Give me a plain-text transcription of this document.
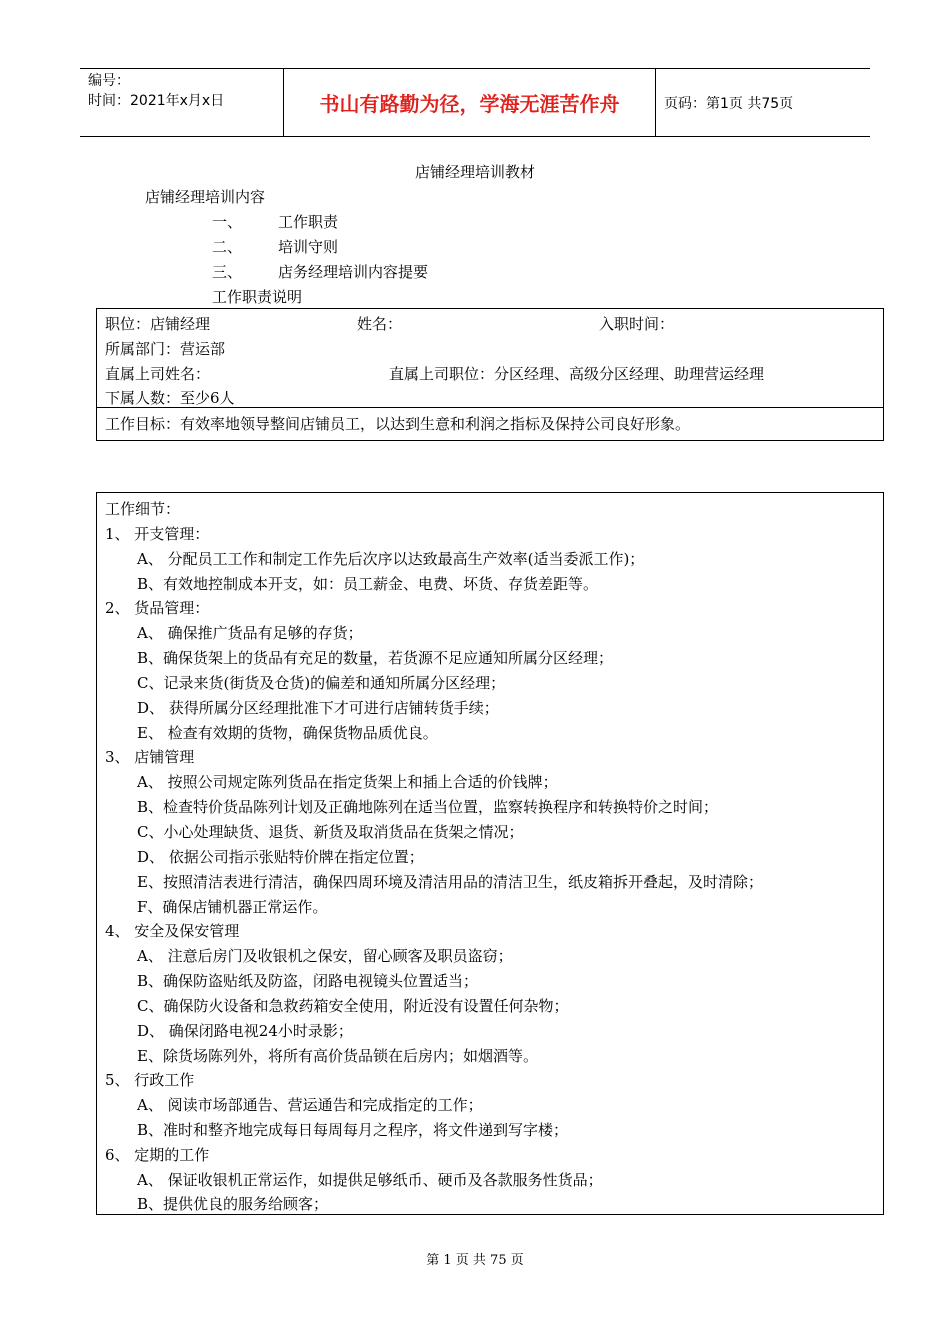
编号：
时间：2021年x月x日	书山有路勤为径，学海无涯苦作舟	页码：第1页 共75页
店铺经理培训教材
店铺经理培训内容
一、 工作职责
二、 培训守则
三、 店务经理培训内容提要
工作职责说明
职位：店铺经理	姓名：	入职时间：
所属部门：营运部
直属上司姓名：	直属上司职位：分区经理、高级分区经理、助理营运经理
下属人数：至少6人
工作目标：有效率地领导整间店铺员工，以达到生意和利润之指标及保持公司良好形象。
工作细节：
1、 开支管理：
A、 分配员工工作和制定工作先后次序以达致最高生产效率(适当委派工作)；
B、有效地控制成本开支，如：员工薪金、电费、坏货、存货差距等。
2、 货品管理：
A、 确保推广货品有足够的存货；
B、确保货架上的货品有充足的数量，若货源不足应通知所属分区经理；
C、记录来货(街货及仓货)的偏差和通知所属分区经理；
D、 获得所属分区经理批准下才可进行店铺转货手续；
E、 检查有效期的货物，确保货物品质优良。
3、 店铺管理
A、 按照公司规定陈列货品在指定货架上和插上合适的价钱牌；
B、检查特价货品陈列计划及正确地陈列在适当位置，监察转换程序和转换特价之时间；
C、小心处理缺货、退货、新货及取消货品在货架之情况；
D、 依据公司指示张贴特价牌在指定位置；
E、按照清洁表进行清洁，确保四周环境及清洁用品的清洁卫生，纸皮箱拆开叠起，及时清除；
F、确保店铺机器正常运作。
4、 安全及保安管理
A、 注意后房门及收银机之保安，留心顾客及职员盗窃；
B、确保防盗贴纸及防盗，闭路电视镜头位置适当；
C、确保防火设备和急救药箱安全使用，附近没有设置任何杂物；
D、 确保闭路电视24小时录影；
E、除货场陈列外，将所有高价货品锁在后房内；如烟酒等。
5、 行政工作
A、 阅读市场部通告、营运通告和完成指定的工作；
B、准时和整齐地完成每日每周每月之程序，将文件递到写字楼；
6、 定期的工作
A、 保证收银机正常运作，如提供足够纸币、硬币及各款服务性货品；
B、提供优良的服务给顾客；
第 1 页 共 75 页
